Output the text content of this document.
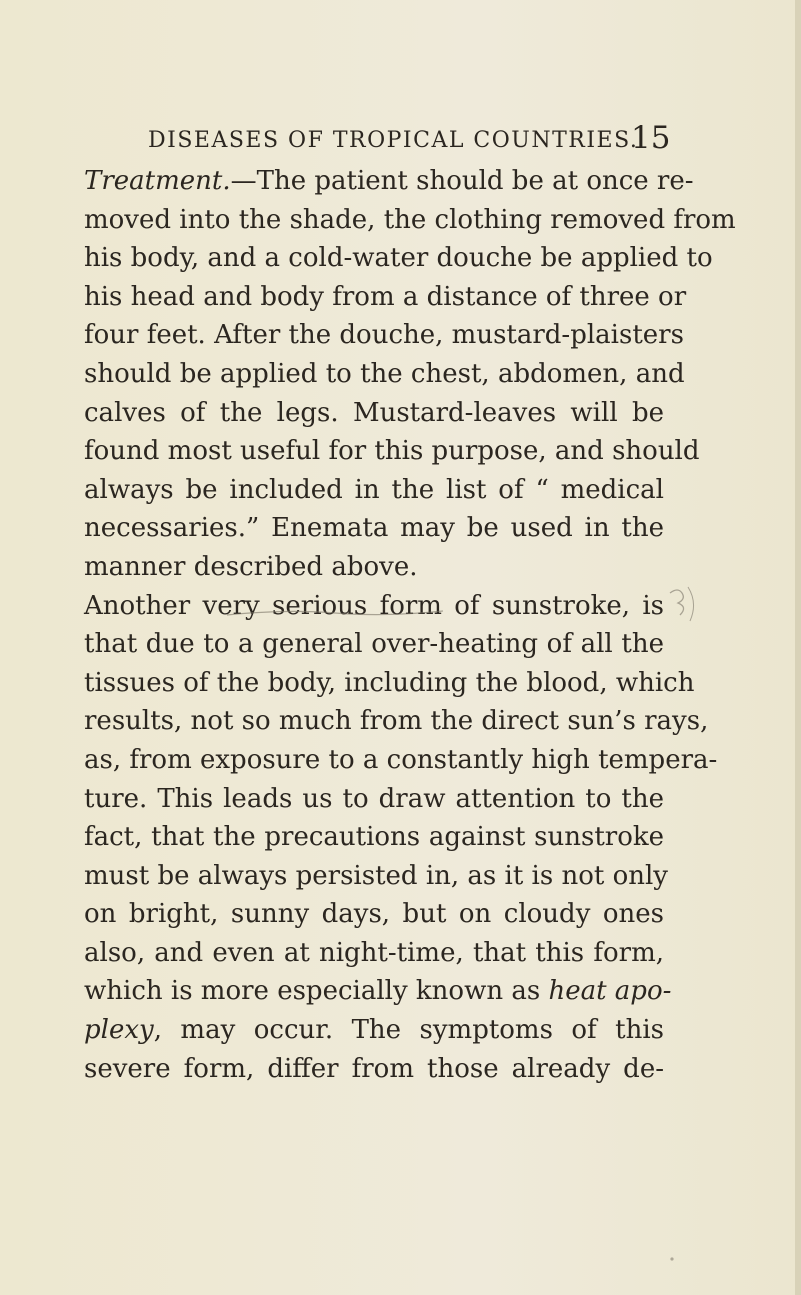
DISEASES OF TROPICAL COUNTRIES.
15
Treatment.—The patient should be at once re-
moved into the shade, the clothing removed from
his body, and a cold-water douche be applied to
his head and body from a distance of three or
four feet. After the douche, mustard-plaisters
should be applied to the chest, abdomen, and
calves of the legs. Mustard-leaves will be
found most useful for this purpose, and should
always be included in the list of “ medical
necessaries.” Enemata may be used in the
manner described above.
Another very serious form of sunstroke, is
that due to a general over-heating of all the
tissues of the body, including the blood, which
results, not so much from the direct sun’s rays,
as, from exposure to a constantly high tempera-
ture. This leads us to draw attention to the
fact, that the precautions against sunstroke
must be always persisted in, as it is not only
on bright, sunny days, but on cloudy ones
also, and even at night-time, that this form,
which is more especially known as heat apo-
plexy, may occur. The symptoms of this
severe form, differ from those already de-
